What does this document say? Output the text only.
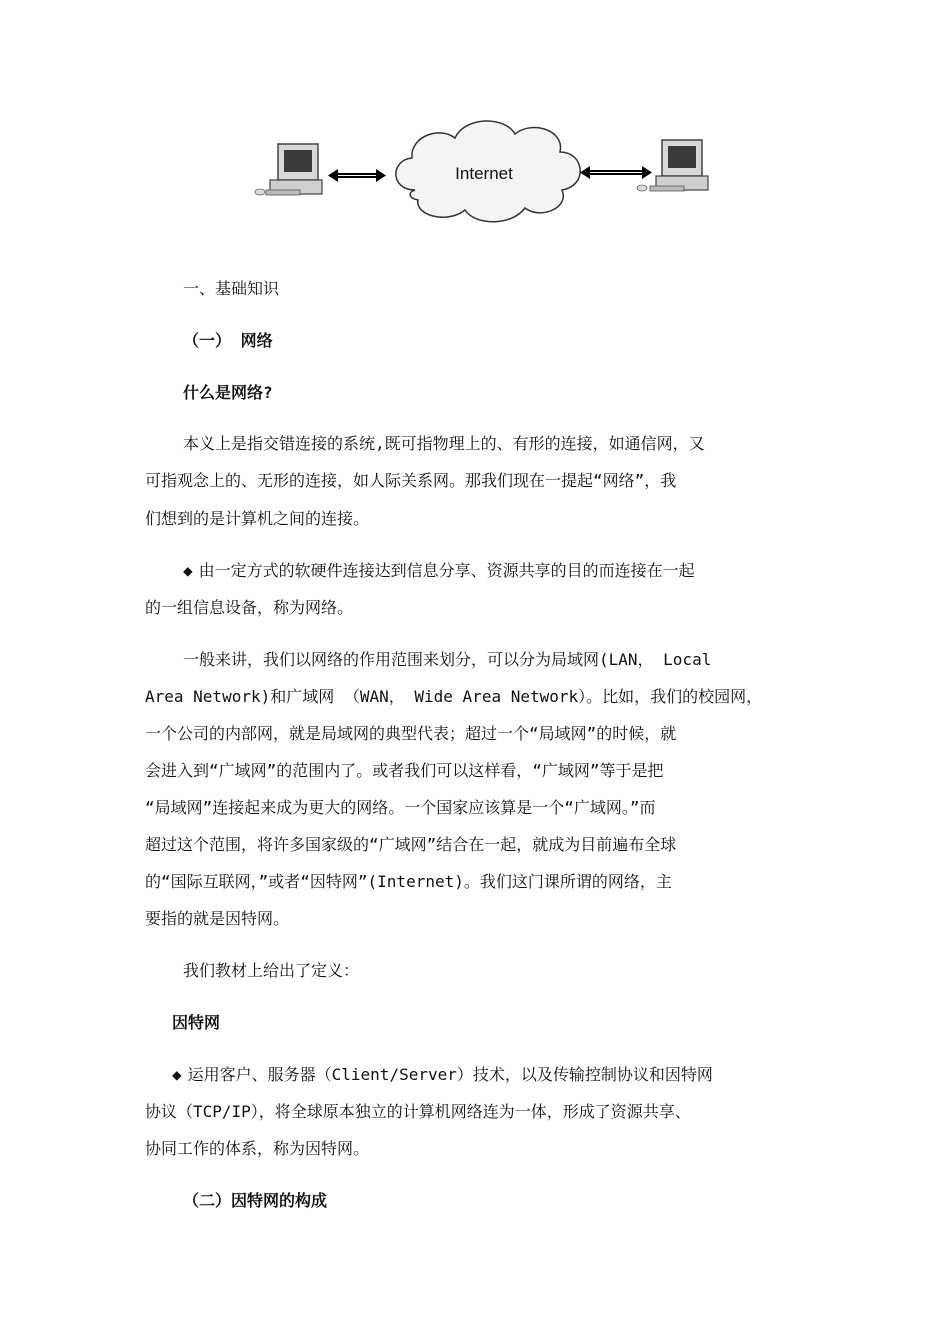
Internet
一、基础知识
（一） 网络
什么是网络?
本义上是指交错连接的系统,既可指物理上的、有形的连接，如通信网，又
可指观念上的、无形的连接，如人际关系网。那我们现在一提起“网络”，我
们想到的是计算机之间的连接。
◆ 由一定方式的软硬件连接达到信息分享、资源共享的目的而连接在一起
的一组信息设备，称为网络。
一般来讲，我们以网络的作用范围来划分，可以分为局域网(LAN， Local
Area Network)和广域网 （WAN， Wide Area Network）。比如，我们的校园网，
一个公司的内部网，就是局域网的典型代表；超过一个“局域网”的时候，就
会进入到“广域网”的范围内了。或者我们可以这样看，“广域网”等于是把
“局域网”连接起来成为更大的网络。一个国家应该算是一个“广域网。”而
超过这个范围，将许多国家级的“广域网”结合在一起，就成为目前遍布全球
的“国际互联网，”或者“因特网”(Internet)。我们这门课所谓的网络，主
要指的就是因特网。
我们教材上给出了定义：
因特网
◆ 运用客户、服务器（Client/Server）技术，以及传输控制协议和因特网
协议（TCP/IP），将全球原本独立的计算机网络连为一体，形成了资源共享、
协同工作的体系，称为因特网。
（二）因特网的构成
